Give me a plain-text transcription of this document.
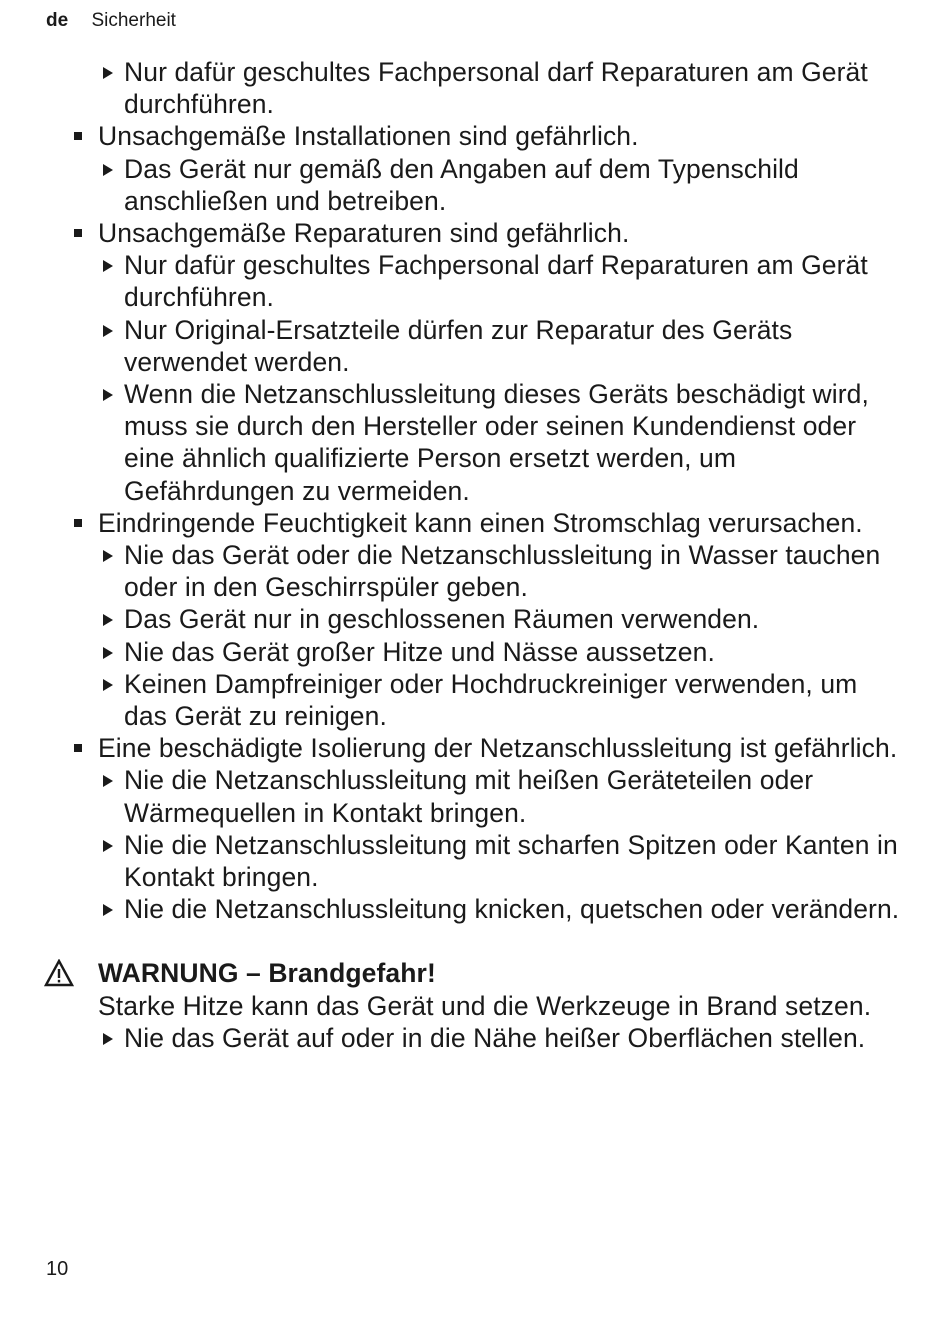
de Sicherheit
Nur dafür geschultes Fachpersonal darf Reparaturen am Gerät durchführen.
Unsachgemäße Installationen sind gefährlich.
Das Gerät nur gemäß den Angaben auf dem Typenschild anschließen und betreiben.
Unsachgemäße Reparaturen sind gefährlich.
Nur dafür geschultes Fachpersonal darf Reparaturen am Gerät durchführen.
Nur Original-Ersatzteile dürfen zur Reparatur des Geräts verwendet werden.
Wenn die Netzanschlussleitung dieses Geräts beschädigt wird, muss sie durch den Hersteller oder seinen Kundendienst oder eine ähnlich qualifizierte Person ersetzt werden, um Gefährdungen zu vermeiden.
Eindringende Feuchtigkeit kann einen Stromschlag verursachen.
Nie das Gerät oder die Netzanschlussleitung in Wasser tauchen oder in den Geschirrspüler geben.
Das Gerät nur in geschlossenen Räumen verwenden.
Nie das Gerät großer Hitze und Nässe aussetzen.
Keinen Dampfreiniger oder Hochdruckreiniger verwenden, um das Gerät zu reinigen.
Eine beschädigte Isolierung der Netzanschlussleitung ist gefährlich.
Nie die Netzanschlussleitung mit heißen Geräteteilen oder Wärmequellen in Kontakt bringen.
Nie die Netzanschlussleitung mit scharfen Spitzen oder Kanten in Kontakt bringen.
Nie die Netzanschlussleitung knicken, quetschen oder verändern.
WARNUNG – Brandgefahr!
Starke Hitze kann das Gerät und die Werkzeuge in Brand setzen.
Nie das Gerät auf oder in die Nähe heißer Oberflächen stellen.
10
